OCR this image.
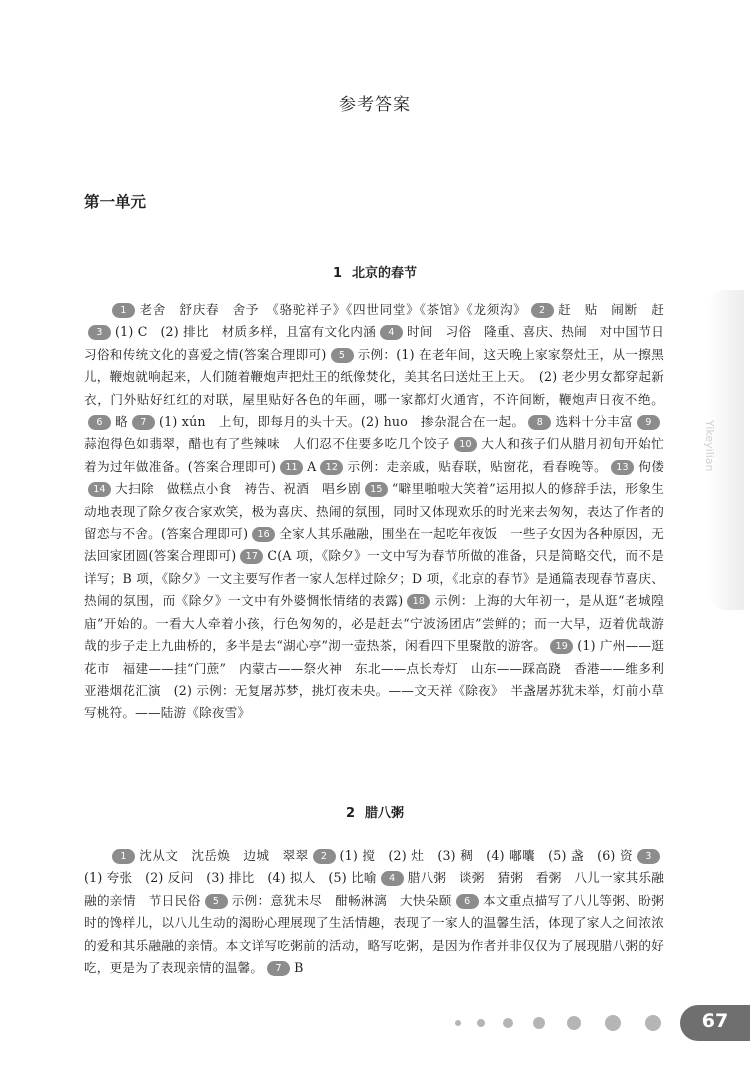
参考答案
第一单元
1 北京的春节
1 老舍　舒庆春　舍予　《骆驼祥子》《四世同堂》《茶馆》《龙须沟》 2 赶　贴　闹断　赶3 (1) C　(2) 排比　材质多样，且富有文化内涵 4 时间　习俗　隆重、喜庆、热闹　对中国节日习俗和传统文化的喜爱之情(答案合理即可) 5 示例：(1) 在老年间，这天晚上家家祭灶王，从一擦黑儿，鞭炮就响起来，人们随着鞭炮声把灶王的纸像焚化，美其名曰送灶王上天。　(2) 老少男女都穿起新衣，门外贴好红红的对联，屋里贴好各色的年画，哪一家都灯火通宵，不许间断，鞭炮声日夜不绝。6 略 7 (1) xún　上旬，即每月的头十天。(2) huo　掺杂混合在一起。 8 选料十分丰富 9蒜泡得色如翡翠，醋也有了些辣味　人们忍不住要多吃几个饺子 10 大人和孩子们从腊月初旬开始忙着为过年做准备。(答案合理即可) 11 A 12 示例：走亲戚，贴春联，贴窗花，看春晚等。 13 佝偻14 大扫除　做糕点小食　祷告、祝酒　唱乡剧 15 “噼里啪啦大笑着”运用拟人的修辞手法，形象生动地表现了除夕夜合家欢笑，极为喜庆、热闹的氛围，同时又体现欢乐的时光来去匆匆，表达了作者的留恋与不舍。(答案合理即可) 16 全家人其乐融融，围坐在一起吃年夜饭　一些子女因为各种原因，无法回家团圆(答案合理即可) 17 C(A 项，《除夕》一文中写为春节所做的准备，只是简略交代，而不是详写；B 项，《除夕》一文主要写作者一家人怎样过除夕；D 项，《北京的春节》是通篇表现春节喜庆、热闹的氛围，而《除夕》一文中有外婆惆怅情绪的表露) 18 示例：上海的大年初一，是从逛“老城隍庙”开始的。一看大人牵着小孩，行色匆匆的，必是赶去“宁波汤团店”尝鲜的；而一大早，迈着优哉游哉的步子走上九曲桥的，多半是去“湖心亭”沏一壶热茶，闲看四下里聚散的游客。 19 (1) 广州——逛花市　福建——挂“门蔗”　内蒙古——祭火神　东北——点长寿灯　山东——踩高跷　香港——维多利亚港烟花汇演　(2) 示例：无复屠苏梦，挑灯夜未央。——文天祥《除夜》　半盏屠苏犹未举，灯前小草写桃符。——陆游《除夜雪》
2 腊八粥
1 沈从文　沈岳焕　边城　翠翠 2 (1) 搅　(2) 灶　(3) 稠　(4) 嘟囔　(5) 盏　(6) 资 3(1) 夸张　(2) 反问　(3) 排比　(4) 拟人　(5) 比喻 4 腊八粥　谈粥　猜粥　看粥　八儿一家其乐融融的亲情　节日民俗 5 示例：意犹未尽　酣畅淋漓　大快朵颐 6 本文重点描写了八儿等粥、盼粥时的馋样儿，以八儿生动的渴盼心理展现了生活情趣，表现了一家人的温馨生活，体现了家人之间浓浓的爱和其乐融融的亲情。本文详写吃粥前的活动，略写吃粥，是因为作者并非仅仅为了展现腊八粥的好吃，更是为了表现亲情的温馨。 7 B
Yikeyilian
67
